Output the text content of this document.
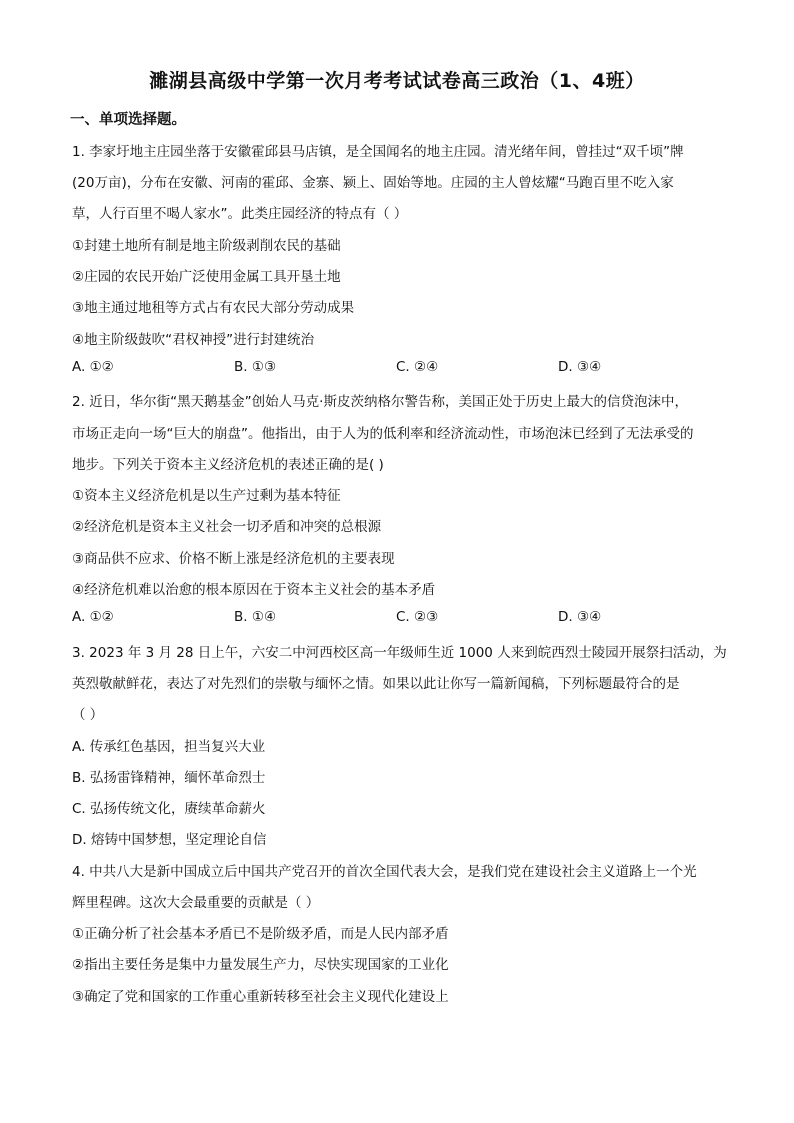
濉湖县高级中学第一次月考考试试卷高三政治（1、4班）
一、单项选择题。
1. 李家圩地主庄园坐落于安徽霍邱县马店镇，是全国闻名的地主庄园。清光绪年间，曾挂过“双千顷”牌
(20万亩)，分布在安徽、河南的霍邱、金寨、颍上、固始等地。庄园的主人曾炫耀“马跑百里不吃入家
草，人行百里不喝人家水”。此类庄园经济的特点有（ ）
①封建土地所有制是地主阶级剥削农民的基础
②庄园的农民开始广泛使用金属工具开垦土地
③地主通过地租等方式占有农民大部分劳动成果
④地主阶级鼓吹“君权神授”进行封建统治
A. ①②	B. ①③	C. ②④	D. ③④
2. 近日，华尔街“黑天鹅基金”创始人马克·斯皮茨纳格尔警告称，美国正处于历史上最大的信贷泡沫中，
市场正走向一场“巨大的崩盘”。他指出，由于人为的低利率和经济流动性，市场泡沫已经到了无法承受的
地步。下列关于资本主义经济危机的表述正确的是( )
①资本主义经济危机是以生产过剩为基本特征
②经济危机是资本主义社会一切矛盾和冲突的总根源
③商品供不应求、价格不断上涨是经济危机的主要表现
④经济危机难以治愈的根本原因在于资本主义社会的基本矛盾
A. ①②	B. ①④	C. ②③	D. ③④
3. 2023 年 3 月 28 日上午，六安二中河西校区高一年级师生近 1000 人来到皖西烈士陵园开展祭扫活动，为
英烈敬献鲜花，表达了对先烈们的崇敬与缅怀之情。如果以此让你写一篇新闻稿，下列标题最符合的是
（ ）
A. 传承红色基因，担当复兴大业
B. 弘扬雷锋精神，缅怀革命烈士
C. 弘扬传统文化，赓续革命薪火
D. 熔铸中国梦想，坚定理论自信
4. 中共八大是新中国成立后中国共产党召开的首次全国代表大会，是我们党在建设社会主义道路上一个光
辉里程碑。这次大会最重要的贡献是（ ）
①正确分析了社会基本矛盾已不是阶级矛盾，而是人民内部矛盾
②指出主要任务是集中力量发展生产力，尽快实现国家的工业化
③确定了党和国家的工作重心重新转移至社会主义现代化建设上
